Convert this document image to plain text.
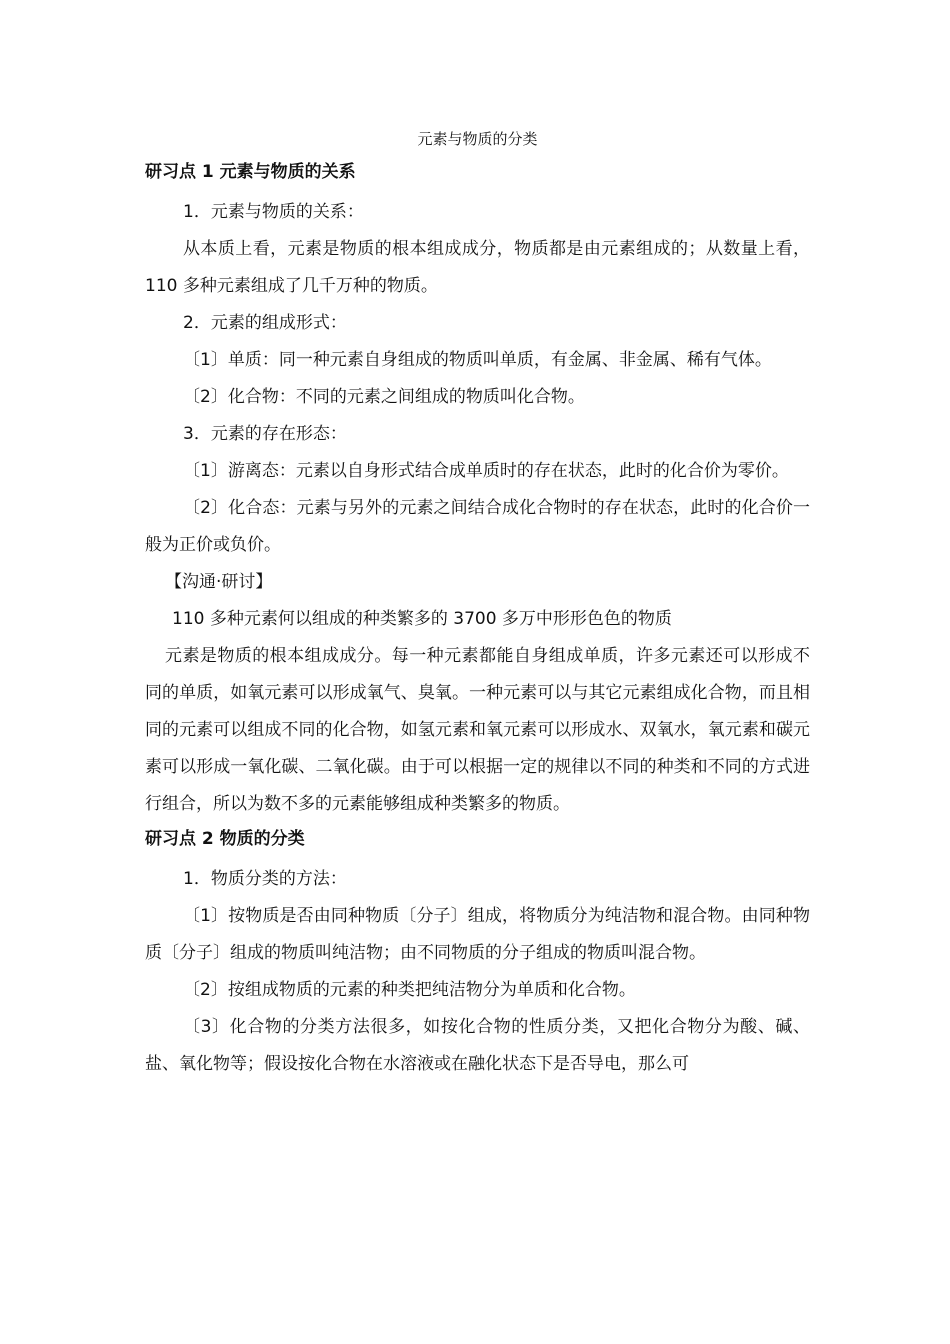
元素与物质的分类
研习点 1 元素与物质的关系

1．元素与物质的关系：

从本质上看，元素是物质的根本组成成分，物质都是由元素组成的；从数量上看，110 多种元素组成了几千万种的物质。

2．元素的组成形式：

〔1〕单质：同一种元素自身组成的物质叫单质，有金属、非金属、稀有气体。

〔2〕化合物：不同的元素之间组成的物质叫化合物。

3．元素的存在形态：

〔1〕游离态：元素以自身形式结合成单质时的存在状态，此时的化合价为零价。

〔2〕化合态：元素与另外的元素之间结合成化合物时的存在状态，此时的化合价一般为正价或负价。

【沟通·研讨】

110 多种元素何以组成的种类繁多的 3700 多万中形形色色的物质

元素是物质的根本组成成分。每一种元素都能自身组成单质，许多元素还可以形成不同的单质，如氧元素可以形成氧气、臭氧。一种元素可以与其它元素组成化合物，而且相同的元素可以组成不同的化合物，如氢元素和氧元素可以形成水、双氧水，氧元素和碳元素可以形成一氧化碳、二氧化碳。由于可以根据一定的规律以不同的种类和不同的方式进行组合，所以为数不多的元素能够组成种类繁多的物质。

研习点 2 物质的分类

1．物质分类的方法：

〔1〕按物质是否由同种物质〔分子〕组成，将物质分为纯洁物和混合物。由同种物质〔分子〕组成的物质叫纯洁物；由不同物质的分子组成的物质叫混合物。

〔2〕按组成物质的元素的种类把纯洁物分为单质和化合物。

〔3〕化合物的分类方法很多，如按化合物的性质分类，又把化合物分为酸、碱、盐、氧化物等；假设按化合物在水溶液或在融化状态下是否导电，那么可
